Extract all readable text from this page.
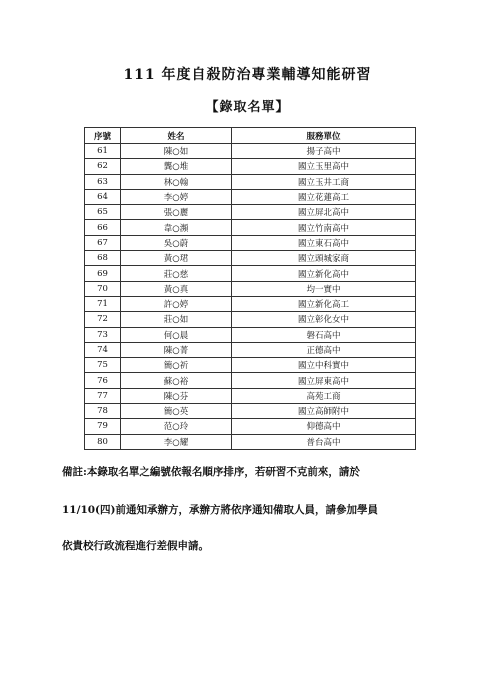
111 年度自殺防治專業輔導知能研習
【錄取名單】
序號	姓名	服務單位
61	陳○如	揚子高中
62	龔○堆	國立玉里高中
63	林○翰	國立玉井工商
64	李○婷	國立花蓮高工
65	張○麗	國立屏北高中
66	韋○瀕	國立竹南高中
67	吳○蔚	國立東石高中
68	黃○珺	國立頭城家商
69	莊○慈	國立新化高中
70	黃○真	均一實中
71	許○婷	國立新化高工
72	莊○如	國立彰化女中
73	何○晨	磐石高中
74	陳○菁	正德高中
75	簡○祈	國立中科實中
76	蘇○裕	國立屏東高中
77	陳○芬	高苑工商
78	簡○英	國立高師附中
79	范○玲	仰德高中
80	李○耀	普台高中
備註:本錄取名單之編號依報名順序排序，若研習不克前來，請於
11/10(四)前通知承辦方，承辦方將依序通知備取人員，請參加學員
依貴校行政流程進行差假申請。
